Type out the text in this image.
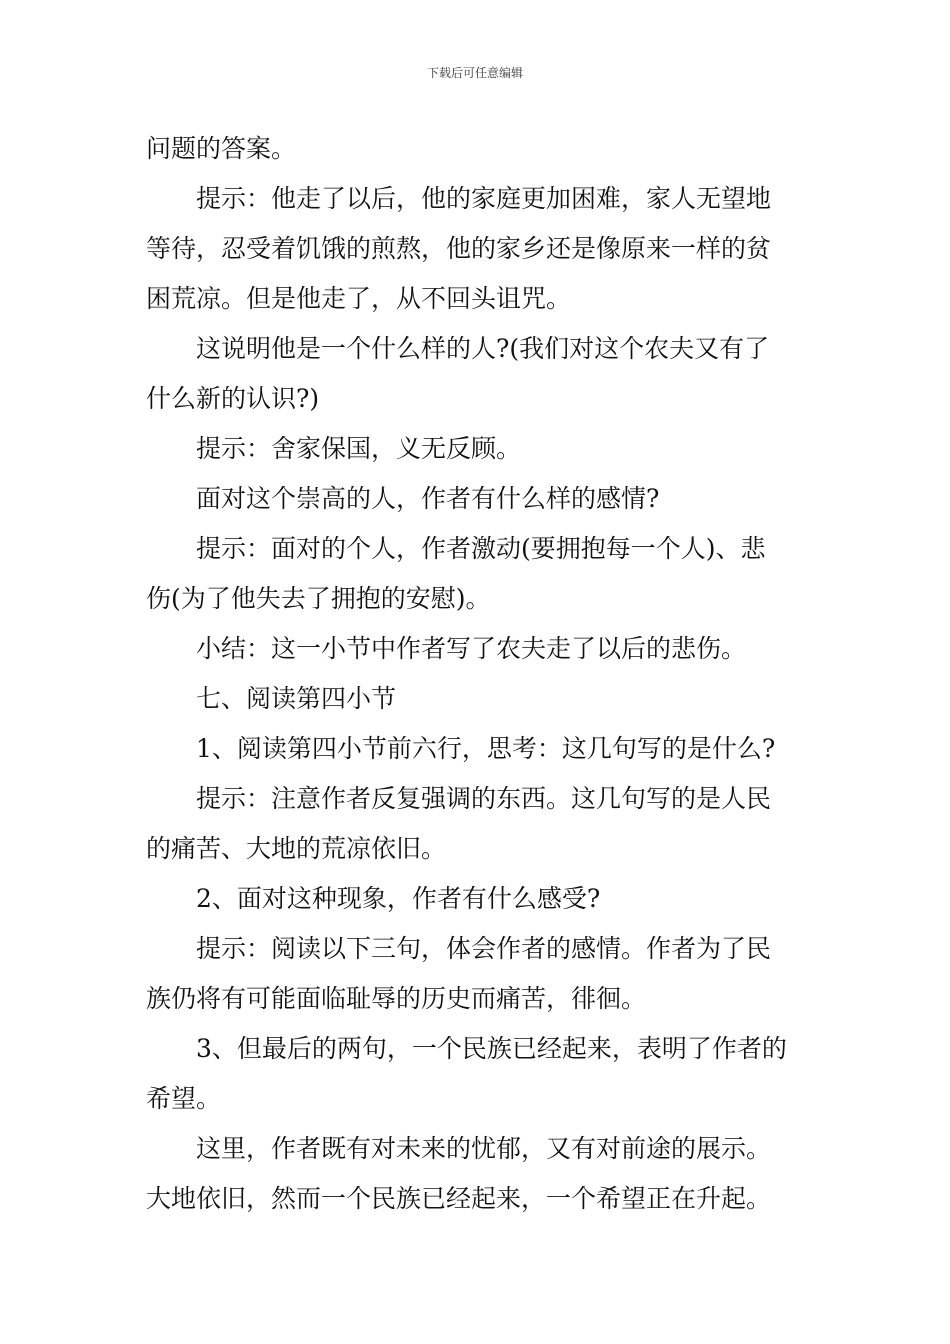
下载后可任意编辑
问题的答案。
提示：他走了以后，他的家庭更加困难，家人无望地
等待，忍受着饥饿的煎熬，他的家乡还是像原来一样的贫
困荒凉。但是他走了，从不回头诅咒。
这说明他是一个什么样的人?(我们对这个农夫又有了
什么新的认识?)
提示：舍家保国，义无反顾。
面对这个崇高的人，作者有什么样的感情?
提示：面对的个人，作者激动(要拥抱每一个人)、悲
伤(为了他失去了拥抱的安慰)。
小结：这一小节中作者写了农夫走了以后的悲伤。
七、阅读第四小节
1、阅读第四小节前六行，思考：这几句写的是什么?
提示：注意作者反复强调的东西。这几句写的是人民
的痛苦、大地的荒凉依旧。
2、面对这种现象，作者有什么感受?
提示：阅读以下三句，体会作者的感情。作者为了民
族仍将有可能面临耻辱的历史而痛苦，徘徊。
3、但最后的两句，一个民族已经起来，表明了作者的
希望。
这里，作者既有对未来的忧郁，又有对前途的展示。
大地依旧，然而一个民族已经起来，一个希望正在升起。
